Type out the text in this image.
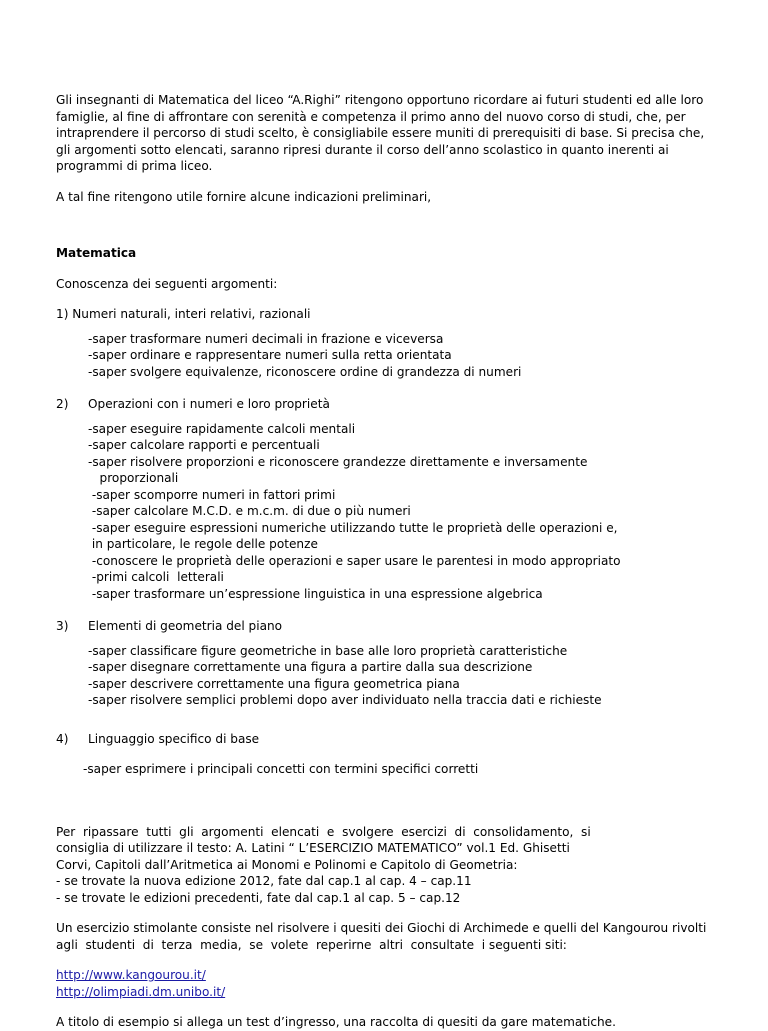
Gli insegnanti di Matematica del liceo “A.Righi” ritengono opportuno ricordare ai futuri studenti ed alle loro famiglie, al fine di affrontare con serenità e competenza il primo anno del nuovo corso di studi, che, per intraprendere il percorso di studi scelto, è consigliabile essere muniti di prerequisiti di base. Si precisa che, gli argomenti sotto elencati, saranno ripresi durante il corso dell’anno scolastico in quanto inerenti ai programmi di prima liceo.

A tal fine ritengono utile fornire alcune indicazioni preliminari,

Matematica

Conoscenza dei seguenti argomenti:

1) Numeri naturali, interi relativi, razionali

-saper trasformare numeri decimali in frazione e viceversa
-saper ordinare e rappresentare numeri sulla retta orientata
-saper svolgere equivalenze, riconoscere ordine di grandezza di numeri
2)	Operazioni con i numeri e loro proprietà
-saper eseguire rapidamente calcoli mentali
-saper calcolare rapporti e percentuali
-saper risolvere proporzioni e riconoscere grandezze direttamente e inversamente
proporzionali
-saper scomporre numeri in fattori primi
-saper calcolare M.C.D. e m.c.m. di due o più numeri
-saper eseguire espressioni numeriche utilizzando tutte le proprietà delle operazioni e,
in particolare, le regole delle potenze
-conoscere le proprietà delle operazioni e saper usare le parentesi in modo appropriato
-primi calcoli  letterali
-saper trasformare un’espressione linguistica in una espressione algebrica
3)	Elementi di geometria del piano
-saper classificare figure geometriche in base alle loro proprietà caratteristiche
-saper disegnare correttamente una figura a partire dalla sua descrizione
-saper descrivere correttamente una figura geometrica piana
-saper risolvere semplici problemi dopo aver individuato nella traccia dati e richieste
4)	Linguaggio specifico di base
-saper esprimere i principali concetti con termini specifici corretti
Per  ripassare  tutti  gli  argomenti  elencati  e  svolgere  esercizi  di  consolidamento,  si
consiglia di utilizzare il testo: A. Latini “ L’ESERCIZIO MATEMATICO” vol.1 Ed. Ghisetti
Corvi, Capitoli dall’Aritmetica ai Monomi e Polinomi e Capitolo di Geometria:
- se trovate la nuova edizione 2012, fate dal cap.1 al cap. 4 – cap.11
- se trovate le edizioni precedenti, fate dal cap.1 al cap. 5 – cap.12

Un esercizio stimolante consiste nel risolvere i quesiti dei Giochi di Archimede e quelli del Kangourou rivolti  agli  studenti  di  terza  media,  se  volete  reperirne  altri  consultate  i seguenti siti:

http://www.kangourou.it/
http://olimpiadi.dm.unibo.it/

A titolo di esempio si allega un test d’ingresso, una raccolta di quesiti da gare matematiche.
